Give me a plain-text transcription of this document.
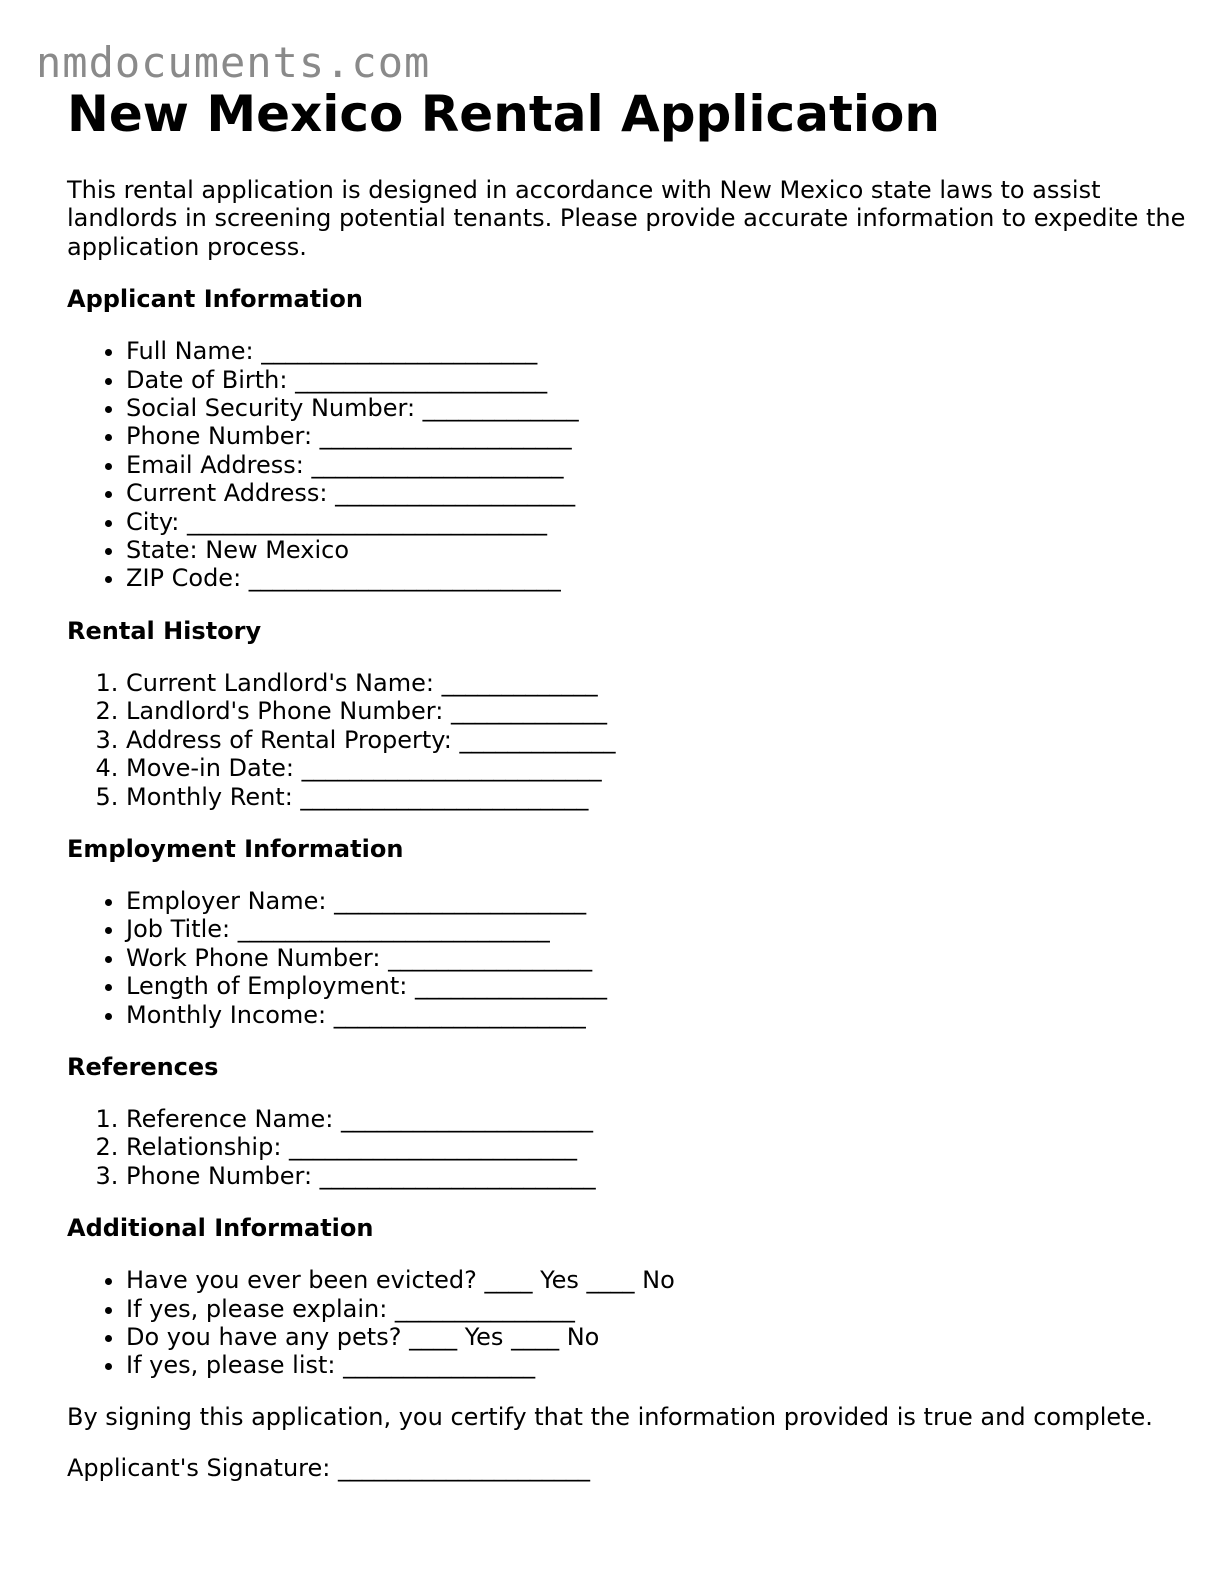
nmdocuments.com
New Mexico Rental Application

This rental application is designed in accordance with New Mexico state laws to assist landlords in screening potential tenants. Please provide accurate information to expedite the application process.

Applicant Information
• Full Name: _______________________
• Date of Birth: _____________________
• Social Security Number: _____________
• Phone Number: _____________________
• Email Address: _____________________
• Current Address: ____________________
• City: ______________________________
• State: New Mexico
• ZIP Code: __________________________
Rental History
1. Current Landlord's Name: _____________
2. Landlord's Phone Number: _____________
3. Address of Rental Property: _____________
4. Move-in Date: _________________________
5. Monthly Rent: ________________________
Employment Information
• Employer Name: _____________________
• Job Title: __________________________
• Work Phone Number: _________________
• Length of Employment: ________________
• Monthly Income: _____________________
References
1. Reference Name: _____________________
2. Relationship: ________________________
3. Phone Number: _______________________
Additional Information
• Have you ever been evicted? ____ Yes ____ No
• If yes, please explain: _______________
• Do you have any pets? ____ Yes ____ No
• If yes, please list: ________________

By signing this application, you certify that the information provided is true and complete.

Applicant's Signature: _____________________
